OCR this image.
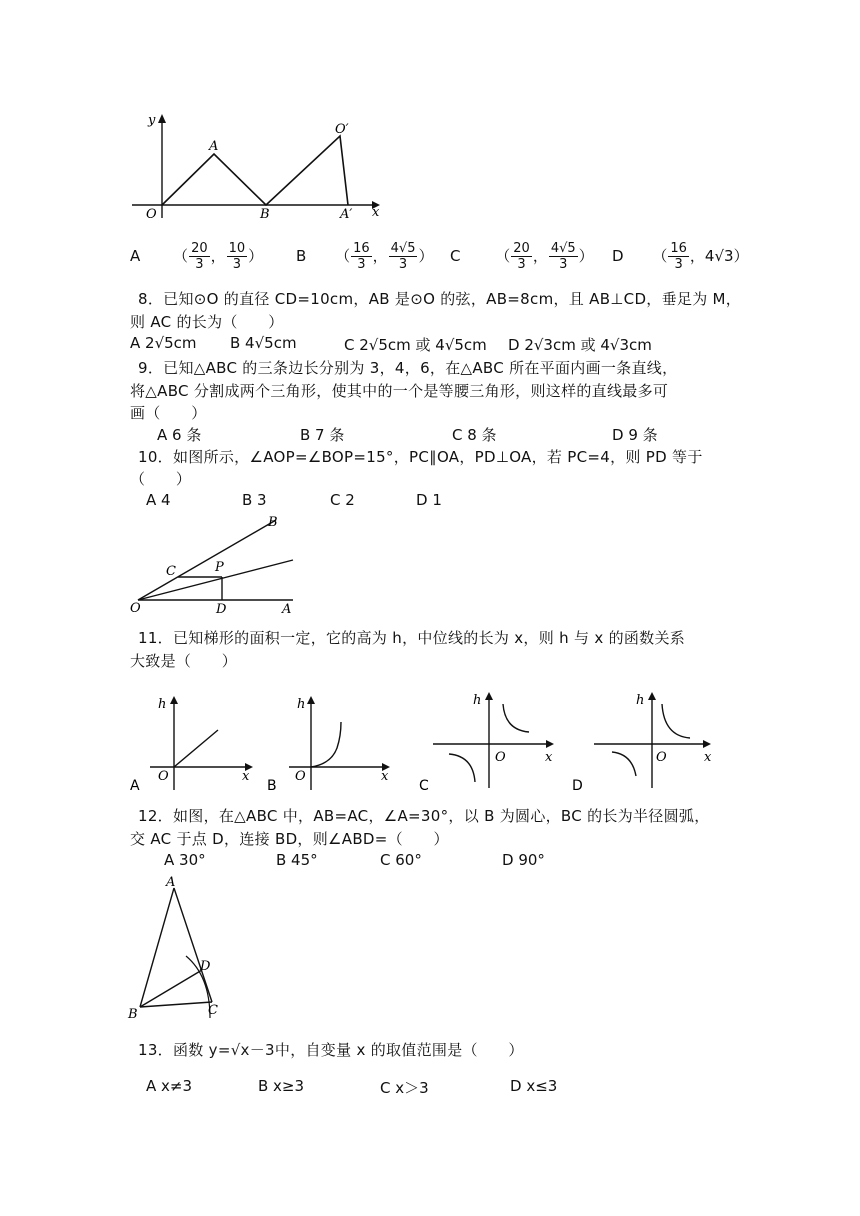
y
A
O′
O	B	A′ x
A （ $\frac{20}{3}$ ， $\frac{10}{3}$ ） B （ $\frac{16}{3}$ ， $\frac{4√5}{3}$ ） C （ $\frac{20}{3}$ ， $\frac{4√5}{3}$ ） D （ $\frac{16}{3}$ ，4√3）
8．已知⊙O 的直径 CD=10cm，AB 是⊙O 的弦，AB=8cm，且 AB⊥CD，垂足为 M，
则 AC 的长为（　　）
A 2√5cm B 4√5cm	C 2√5cm 或 4√5cm D 2√3cm 或 4√3cm
9．已知△ABC 的三条边长分别为 3，4，6，在△ABC 所在平面内画一条直线，
将△ABC 分割成两个三角形，使其中的一个是等腰三角形，则这样的直线最多可
画（　　）
A 6 条	B 7 条	C 8 条	D 9 条
10．如图所示，∠AOP=∠BOP=15°，PC∥OA，PD⊥OA，若 PC=4，则 PD 等于
（　　）
A 4	B 3	C 2	D 1
B
C	P
O	D	A
11．已知梯形的面积一定，它的高为 h，中位线的长为 x，则 h 与 x 的函数关系
大致是（　　）
h
O	x
A
h
O	x
B
h
O	x
C
h
O	x
D
12．如图，在△ABC 中，AB=AC，∠A=30°，以 B 为圆心，BC 的长为半径圆弧，
交 AC 于点 D，连接 BD，则∠ABD=（　　）
A 30°	B 45°	C 60°	D 90°
A
D
B	C
13．函数 y=√x－3中，自变量 x 的取值范围是（　　）
A x≠3	B x≥3	C x＞3	D x≤3
